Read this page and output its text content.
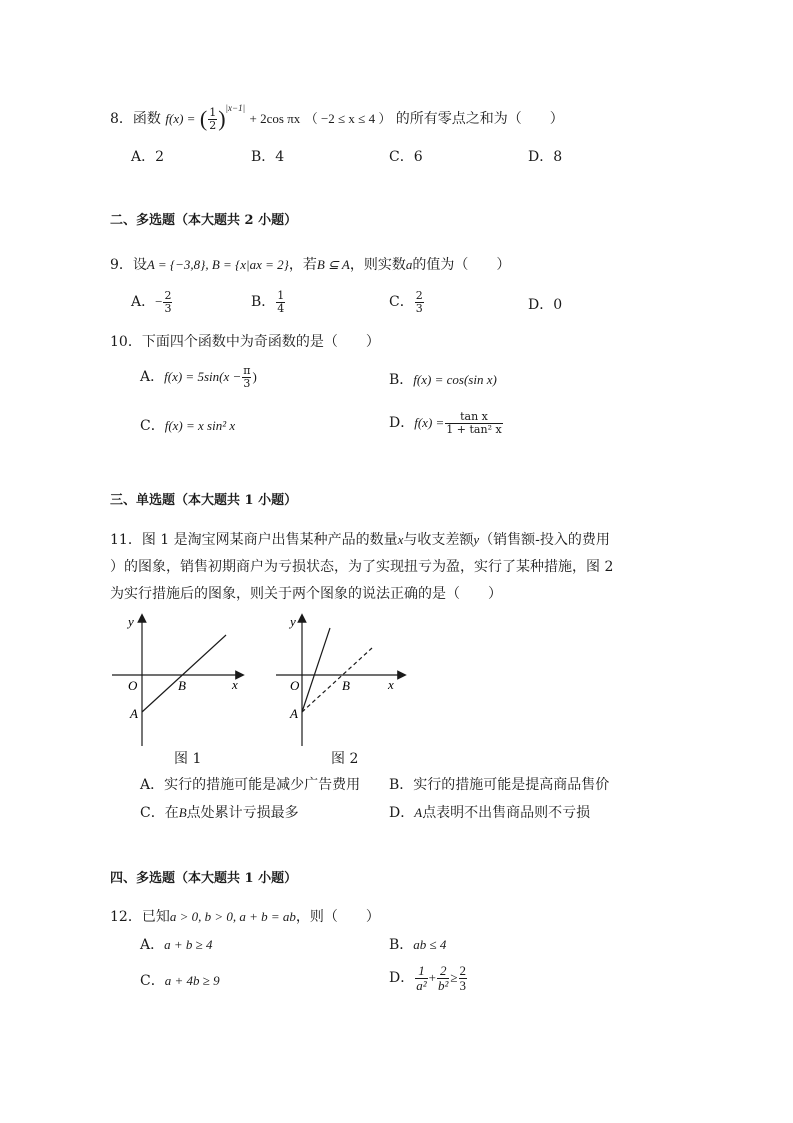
8．函数 f(x) = ( $\frac{1}{2} )^{|x-1|} + 2\cos$ πx （ −2 ≤ x ≤ 4 ） 的所有零点之和为（　　）
A．2	B．4	C．6	D．8
二、多选题（本大题共 2 小题）
9．设A = {−3,8}, B = {x|ax = 2}，若B ⊆ A，则实数a的值为（　　）
A．− $\frac{2}{3}$	B． $\frac{1}{4}$	C． $\frac{2}{3}$	D．0
10．下面四个函数中为奇函数的是（　　）
A．$f(x) = 5\sin(x - \frac{\pi}{3}$ )	B．f(x) = cos(sin x)
C．f(x) = x sin² x	D．$f(x) = \frac{\text{tan x}}{\text{1 + tan² x}}$
三、单选题（本大题共 1 小题）
11．图 1 是淘宝网某商户出售某种产品的数量x与收支差额y（销售额-投入的费用
）的图象，销售初期商户为亏损状态，为了实现扭亏为盈，实行了某种措施，图 2
为实行措施后的图象，则关于两个图象的说法正确的是（　　）
y
x
O
A
B
图 1
y
x
O
A
B
图 2
A．实行的措施可能是减少广告费用 B．实行的措施可能是提高商品售价
C．在B点处累计亏损最多	D．A点表明不出售商品则不亏损
四、多选题（本大题共 1 小题）
12．已知a > 0, b > 0, a + b = ab，则（　　）
A．a + b ≥ 4	B．ab ≤ 4
C．a + 4b ≥ 9	D． $\frac{1}{\text{a²}} + \frac{2}{\text{b²}} \ge \frac{2}{3}$
